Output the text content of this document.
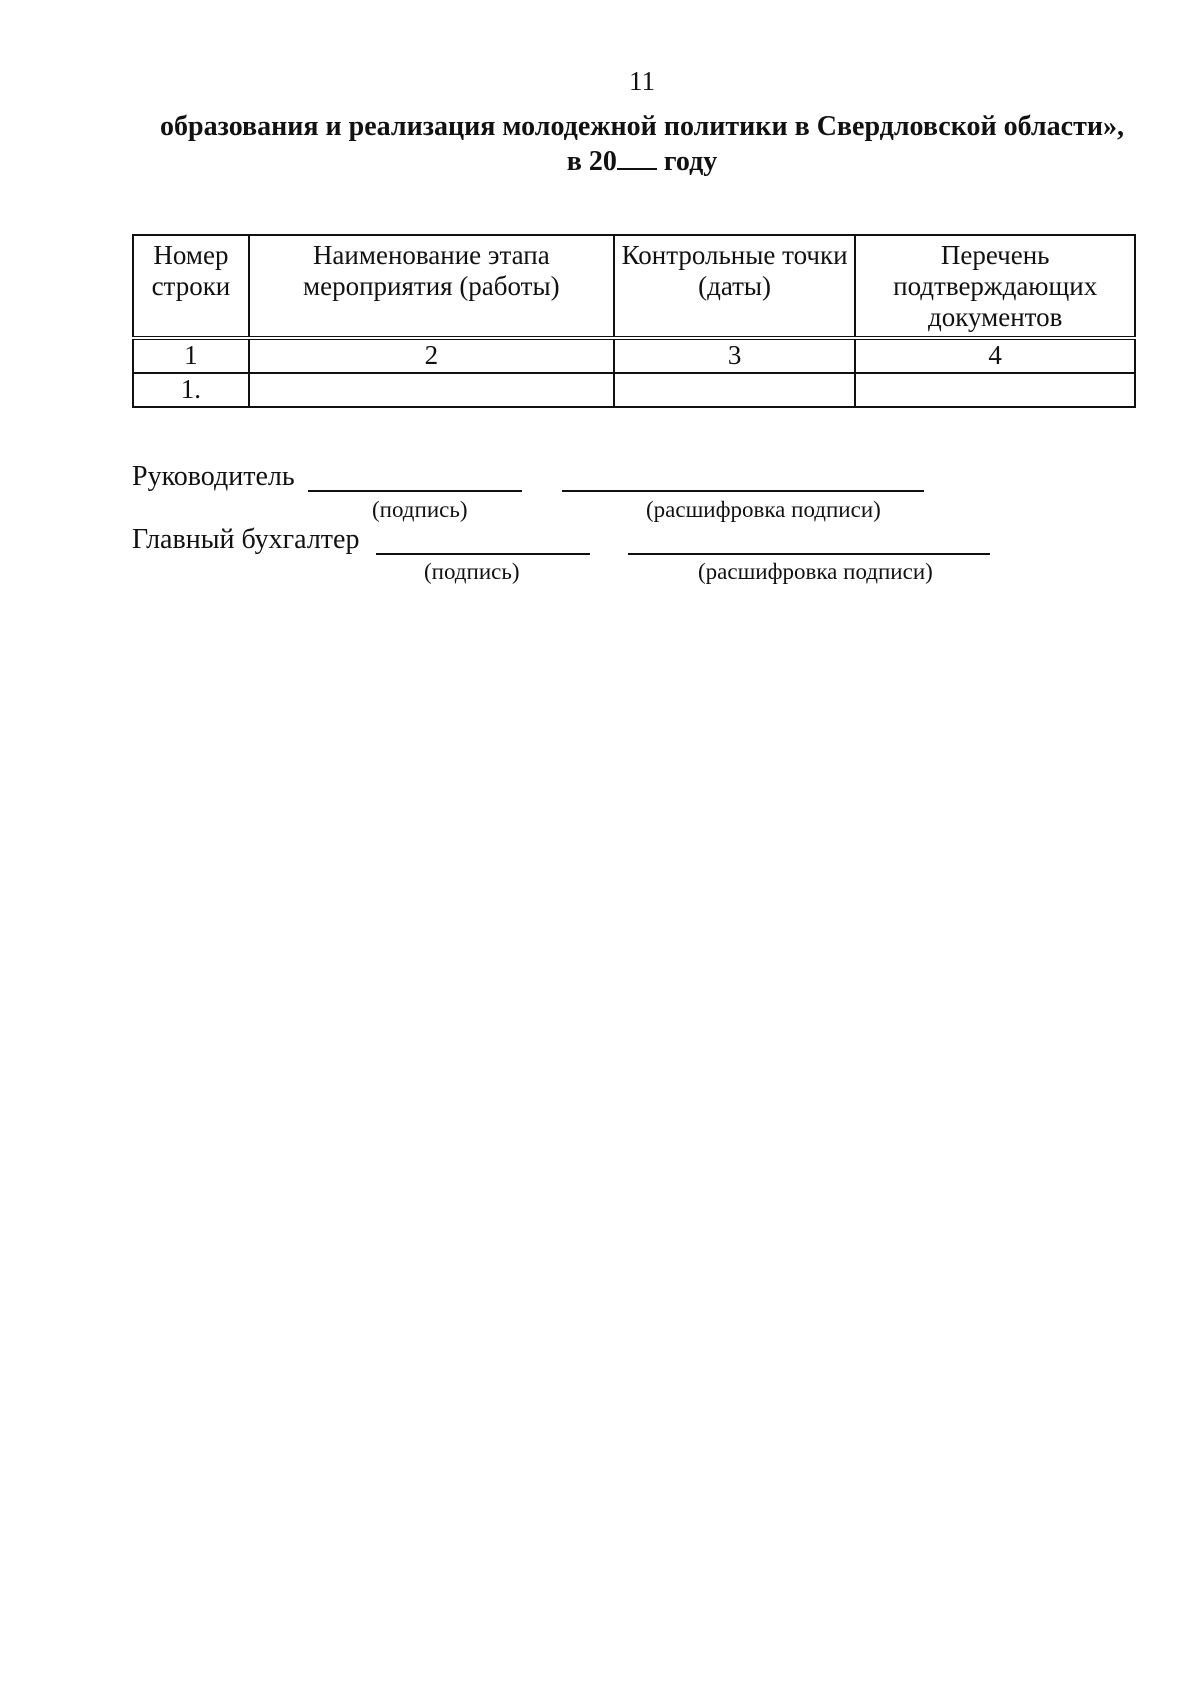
11
образования и реализация молодежной политики в Свердловской области»,
в 20 году
Номер строки	Наименование этапа мероприятия (работы)	Контрольные точки (даты)	Перечень подтверждающих документов
1	2	3	4
1.			
Руководитель
(подпись)	(расшифровка подписи)
Главный бухгалтер
(подпись)	(расшифровка подписи)
